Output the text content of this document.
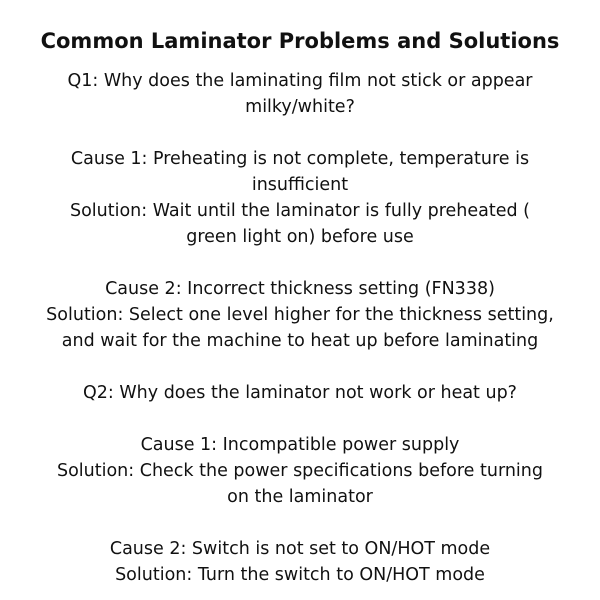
Common Laminator Problems and Solutions
Q1: Why does the laminating film not stick or appear
milky/white?
Cause 1: Preheating is not complete, temperature is
insufficient
Solution: Wait until the laminator is fully preheated (
green light on) before use
Cause 2: Incorrect thickness setting (FN338)
Solution: Select one level higher for the thickness setting,
and wait for the machine to heat up before laminating
Q2: Why does the laminator not work or heat up?
Cause 1: Incompatible power supply
Solution: Check the power specifications before turning
on the laminator
Cause 2: Switch is not set to ON/HOT mode
Solution: Turn the switch to ON/HOT mode
